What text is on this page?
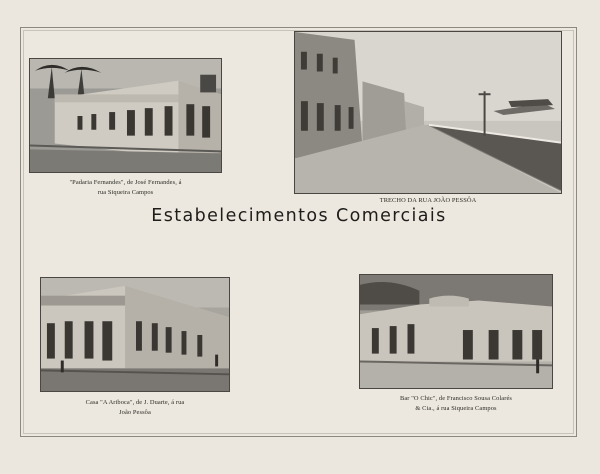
"Padaria Fernandes", de José Fernandes, á
rua Siqueira Campos
TRECHO DA RUA JOÃO PESSÔA
Estabelecimentos Comerciais
Casa "A Ariboca", de J. Duarte, á rua
João Pessôa
Bar "O Chic", de Francisco Sousa Colarés
& Cia., á rua Siqueira Campos
